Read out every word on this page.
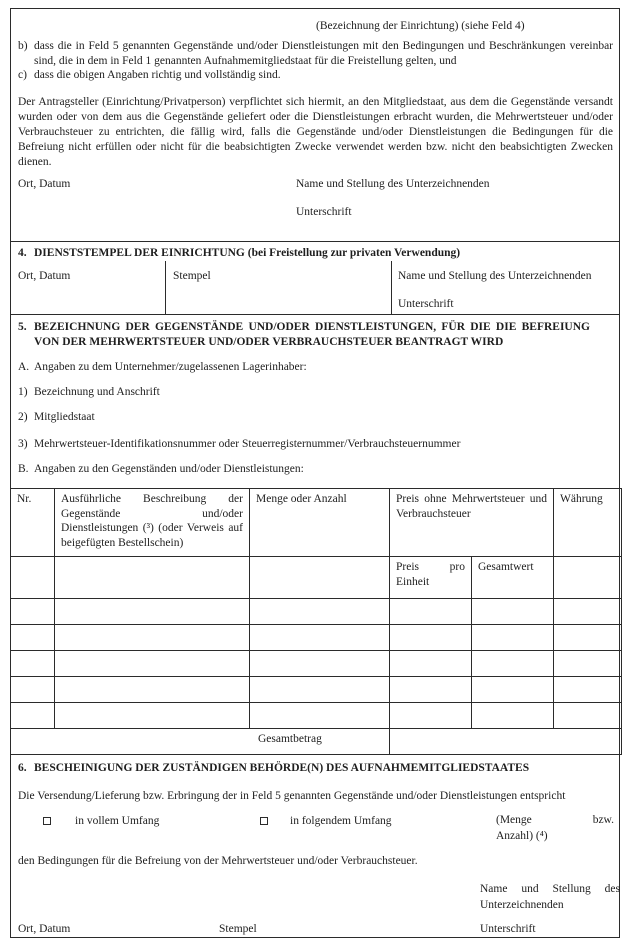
(Bezeichnung der Einrichtung) (siehe Feld 4)
b) dass die in Feld 5 genannten Gegenstände und/oder Dienstleistungen mit den Bedingungen und Beschränkungen vereinbar sind, die in dem in Feld 1 genannten Aufnahmemitgliedstaat für die Freistellung gelten, und
c) dass die obigen Angaben richtig und vollständig sind.
Der Antragsteller (Einrichtung/Privatperson) verpflichtet sich hiermit, an den Mitgliedstaat, aus dem die Gegenstände versandt wurden oder von dem aus die Gegenstände geliefert oder die Dienstleistungen erbracht wurden, die Mehrwertsteuer und/oder Verbrauchsteuer zu entrichten, die fällig wird, falls die Gegenstände und/oder Dienstleistungen die Bedingungen für die Befreiung nicht erfüllen oder nicht für die beabsichtigten Zwecke verwendet werden bzw. nicht den beabsichtigten Zwecken dienen.
Ort, Datum	Name und Stellung des Unterzeichnenden
Unterschrift
4. DIENSTSTEMPEL DER EINRICHTUNG (bei Freistellung zur privaten Verwendung)
Ort, Datum	Stempel	Name und Stellung des Unterzeichnenden
Unterschrift
5. BEZEICHNUNG DER GEGENSTÄNDE UND/ODER DIENSTLEISTUNGEN, FÜR DIE DIE BEFREIUNG VON DER MEHRWERTSTEUER UND/ODER VERBRAUCHSTEUER BEANTRAGT WIRD
A. Angaben zu dem Unternehmer/zugelassenen Lagerinhaber:
1) Bezeichnung und Anschrift
2) Mitgliedstaat
3) Mehrwertsteuer-Identifikationsnummer oder Steuerregisternummer/Verbrauchsteuernummer
B. Angaben zu den Gegenständen und/oder Dienstleistungen:
Nr.	Ausführliche Beschreibung der Gegenstände und/oder Dienstleistungen (³) (oder Verweis auf beigefügten Bestellschein)	Menge oder Anzahl	Preis ohne Mehrwertsteuer und Verbrauchsteuer		Währung
			Preis pro Einheit	Gesamtwert	

Gesamtbetrag					
6. BESCHEINIGUNG DER ZUSTÄNDIGEN BEHÖRDE(N) DES AUFNAHMEMITGLIEDSTAATES
Die Versendung/Lieferung bzw. Erbringung der in Feld 5 genannten Gegenstände und/oder Dienstleistungen entspricht
in vollem Umfang	in folgendem Umfang	(Menge	bzw.
Anzahl) (⁴)
den Bedingungen für die Befreiung von der Mehrwertsteuer und/oder Verbrauchsteuer.
Name und Stellung des Unterzeichnenden
Ort, Datum	Stempel	Unterschrift
